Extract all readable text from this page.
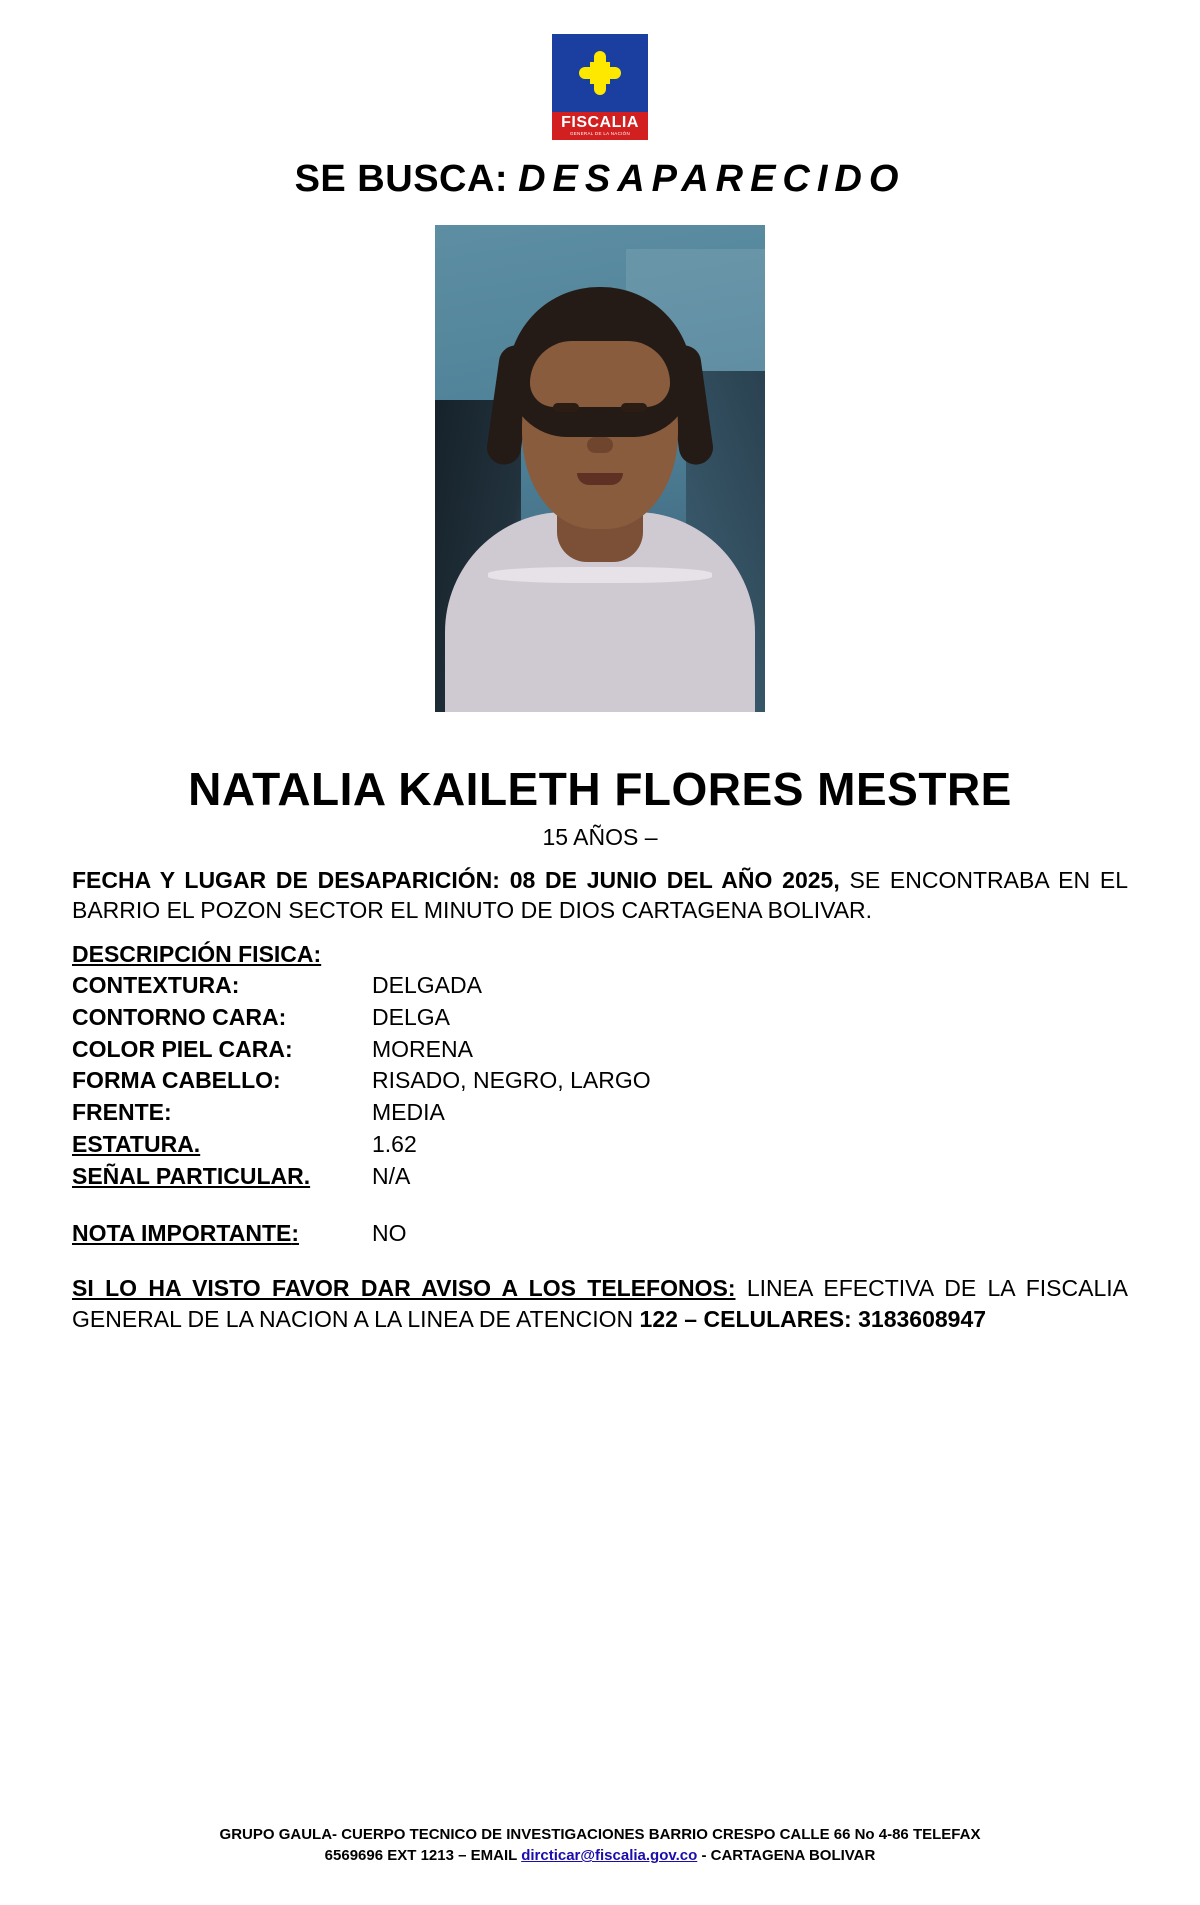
FISCALIA
GENERAL DE LA NACIÓN
SE BUSCA: DESAPARECIDO
NATALIA KAILETH FLORES MESTRE
15 AÑOS –
FECHA Y LUGAR DE DESAPARICIÓN: 08 DE JUNIO DEL AÑO 2025, SE ENCONTRABA EN EL BARRIO EL POZON SECTOR EL MINUTO DE DIOS CARTAGENA BOLIVAR.
DESCRIPCIÓN FISICA:
CONTEXTURA:	DELGADA
CONTORNO CARA:	DELGA
COLOR PIEL CARA:	MORENA
FORMA CABELLO:	RISADO, NEGRO, LARGO
FRENTE:	MEDIA
ESTATURA.	1.62
SEÑAL PARTICULAR.	N/A
NOTA IMPORTANTE:	NO
SI LO HA VISTO FAVOR DAR AVISO A LOS TELEFONOS: LINEA EFECTIVA DE LA FISCALIA GENERAL DE LA NACION A LA LINEA DE ATENCION 122 – CELULARES: 3183608947
GRUPO GAULA- CUERPO TECNICO DE INVESTIGACIONES BARRIO CRESPO CALLE 66 No 4-86 TELEFAX
6569696 EXT 1213 – EMAIL dircticar@fiscalia.gov.co - CARTAGENA BOLIVAR
